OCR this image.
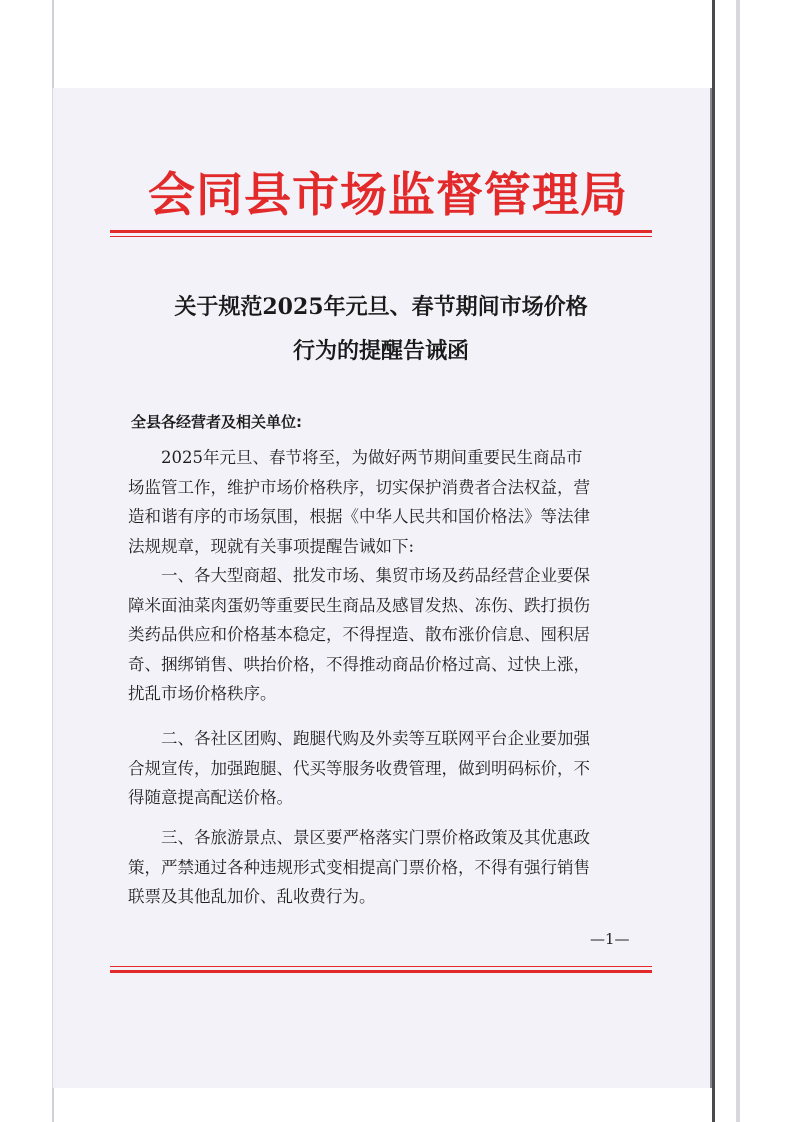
会同县市场监督管理局
关于规范2025年元旦、春节期间市场价格
行为的提醒告诫函
全县各经营者及相关单位:
2025年元旦、春节将至，为做好两节期间重要民生商品市
场监管工作，维护市场价格秩序，切实保护消费者合法权益，营
造和谐有序的市场氛围，根据《中华人民共和国价格法》等法律
法规规章，现就有关事项提醒告诫如下:
一、各大型商超、批发市场、集贸市场及药品经营企业要保
障米面油菜肉蛋奶等重要民生商品及感冒发热、冻伤、跌打损伤
类药品供应和价格基本稳定，不得捏造、散布涨价信息、囤积居
奇、捆绑销售、哄抬价格，不得推动商品价格过高、过快上涨，
扰乱市场价格秩序。
二、各社区团购、跑腿代购及外卖等互联网平台企业要加强
合规宣传，加强跑腿、代买等服务收费管理，做到明码标价，不
得随意提高配送价格。
三、各旅游景点、景区要严格落实门票价格政策及其优惠政
策，严禁通过各种违规形式变相提高门票价格，不得有强行销售
联票及其他乱加价、乱收费行为。
—1—
